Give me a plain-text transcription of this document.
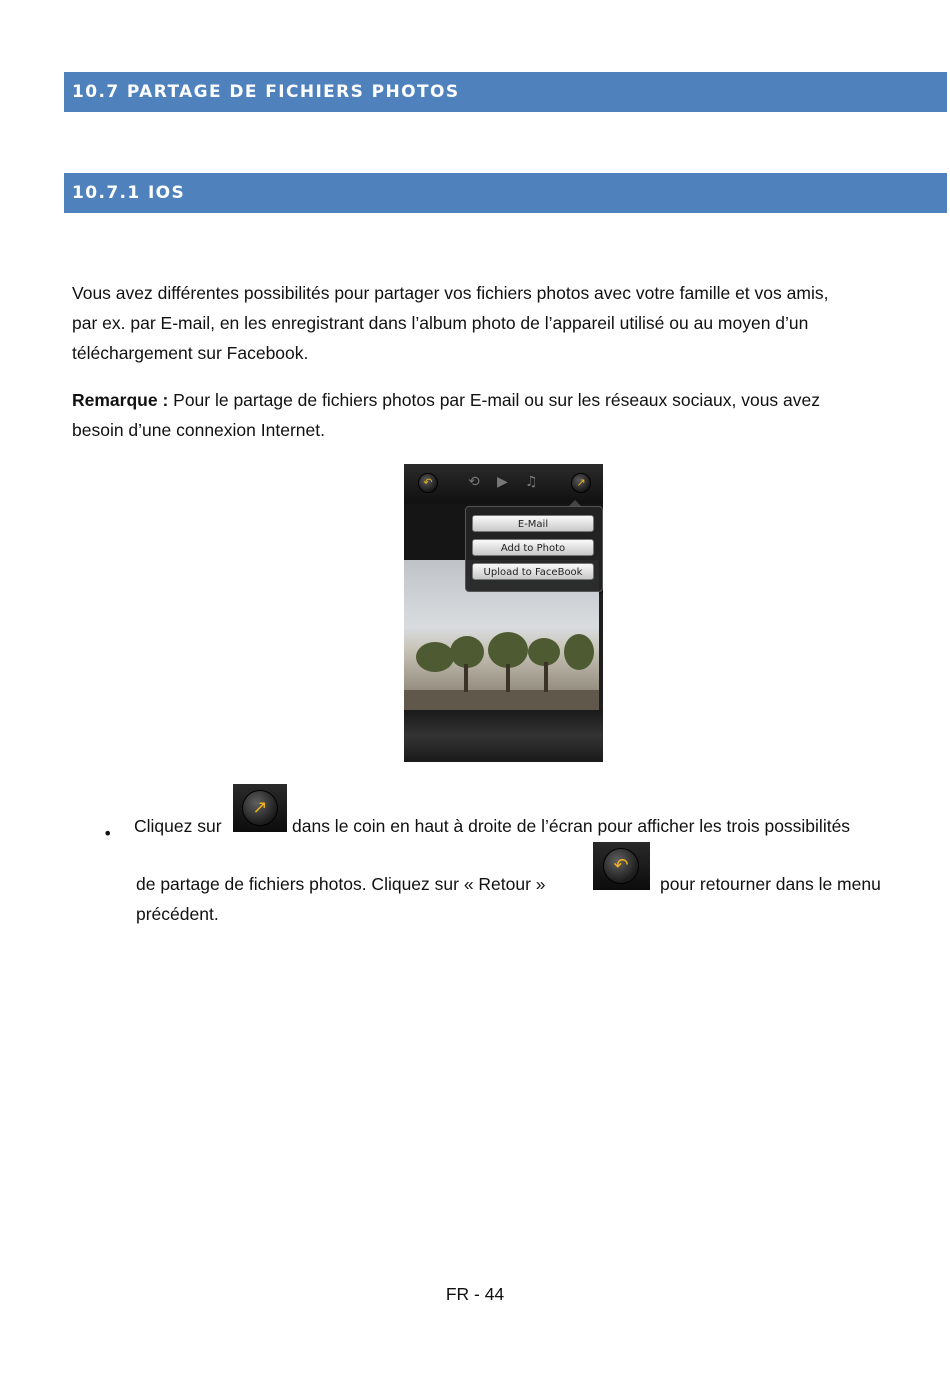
10.7 PARTAGE DE FICHIERS PHOTOS
10.7.1 IOS
Vous avez différentes possibilités pour partager vos fichiers photos avec votre famille et vos amis,
par ex. par E-mail, en les enregistrant dans l’album photo de l’appareil utilisé ou au moyen d’un
téléchargement sur Facebook.
Remarque : Pour le partage de fichiers photos par E-mail ou sur les réseaux sociaux, vous avez
besoin d’une connexion Internet.
↶	⟲ ▶ ♫	↗
E-Mail
Add to Photo
Upload to FaceBook
• Cliquez sur
↗
dans le coin en haut à droite de l’écran pour afficher les trois possibilités
de partage de fichiers photos. Cliquez sur « Retour »
↶
pour retourner dans le menu
précédent.
FR - 44
